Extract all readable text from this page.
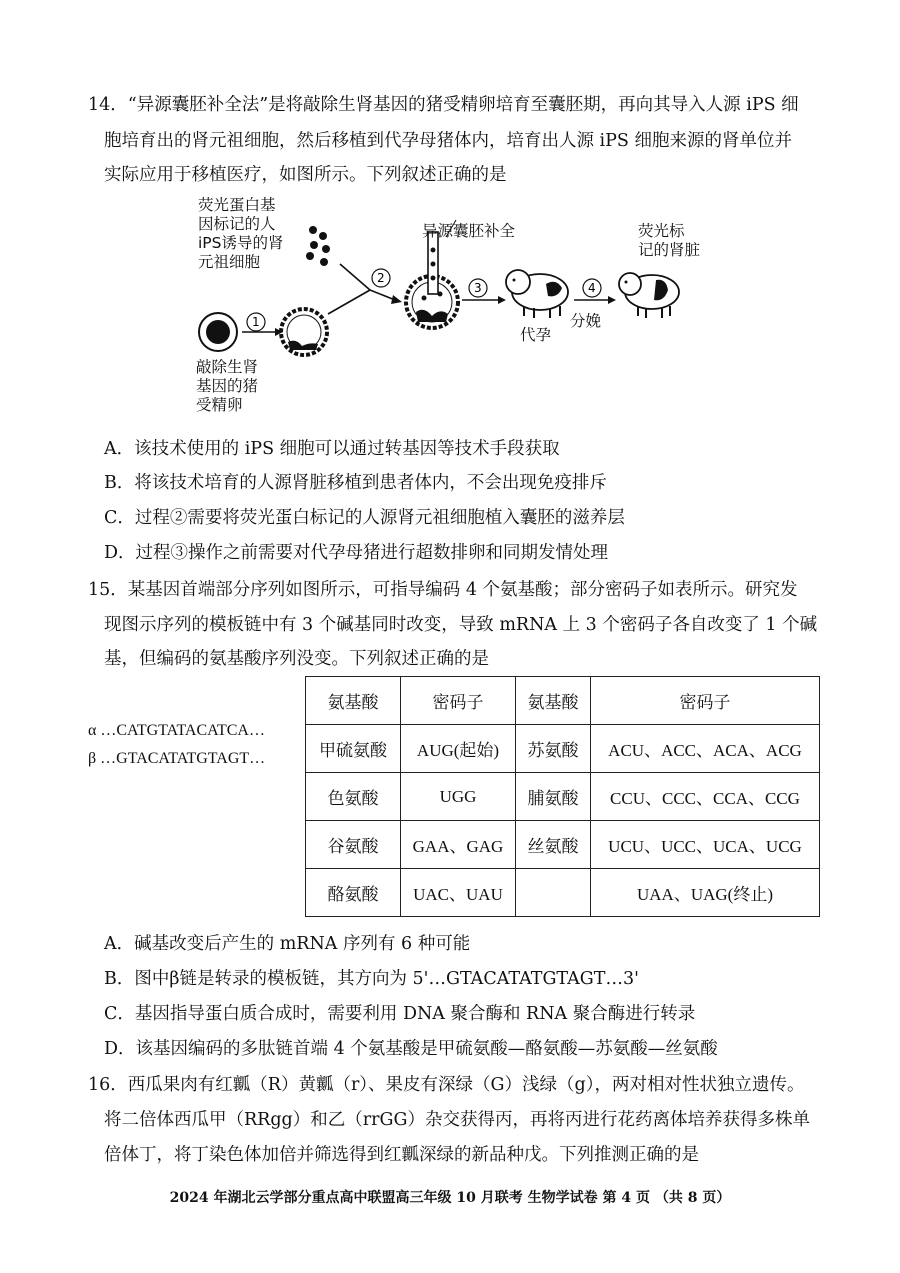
14．“异源囊胚补全法”是将敲除生肾基因的猪受精卵培育至囊胚期，再向其导入人源 iPS 细
胞培育出的肾元祖细胞，然后移植到代孕母猪体内，培育出人源 iPS 细胞来源的肾单位并
实际应用于移植医疗，如图所示。下列叙述正确的是
1
2
3	4
荧光蛋白基
因标记的人
iPS诱导的肾
元祖细胞
异源囊胚补全	荧光标
记的肾脏
敲除生肾
基因的猪
受精卵
代孕
分娩
A．该技术使用的 iPS 细胞可以通过转基因等技术手段获取
B．将该技术培育的人源肾脏移植到患者体内，不会出现免疫排斥
C．过程②需要将荧光蛋白标记的人源肾元祖细胞植入囊胚的滋养层
D．过程③操作之前需要对代孕母猪进行超数排卵和同期发情处理
15．某基因首端部分序列如图所示，可指导编码 4 个氨基酸；部分密码子如表所示。研究发
现图示序列的模板链中有 3 个碱基同时改变，导致 mRNA 上 3 个密码子各自改变了 1 个碱
基，但编码的氨基酸序列没变。下列叙述正确的是
α …CATGTATACATCA…
β …GTACATATGTAGT…
氨基酸	密码子	氨基酸	密码子
甲硫氨酸	AUG(起始)	苏氨酸	ACU、ACC、ACA、ACG
色氨酸	UGG	脯氨酸	CCU、CCC、CCA、CCG
谷氨酸	GAA、GAG	丝氨酸	UCU、UCC、UCA、UCG
酪氨酸	UAC、UAU		UAA、UAG(终止)
A．碱基改变后产生的 mRNA 序列有 6 种可能
B．图中β链是转录的模板链，其方向为 5'…GTACATATGTAGT…3'
C．基因指导蛋白质合成时，需要利用 DNA 聚合酶和 RNA 聚合酶进行转录
D．该基因编码的多肽链首端 4 个氨基酸是甲硫氨酸—酪氨酸—苏氨酸—丝氨酸
16．西瓜果肉有红瓤（R）黄瓤（r）、果皮有深绿（G）浅绿（g），两对相对性状独立遗传。
将二倍体西瓜甲（RRgg）和乙（rrGG）杂交获得丙，再将丙进行花药离体培养获得多株单
倍体丁，将丁染色体加倍并筛选得到红瓤深绿的新品种戊。下列推测正确的是
2024 年湖北云学部分重点高中联盟高三年级 10 月联考 生物学试卷 第 4 页 （共 8 页）
